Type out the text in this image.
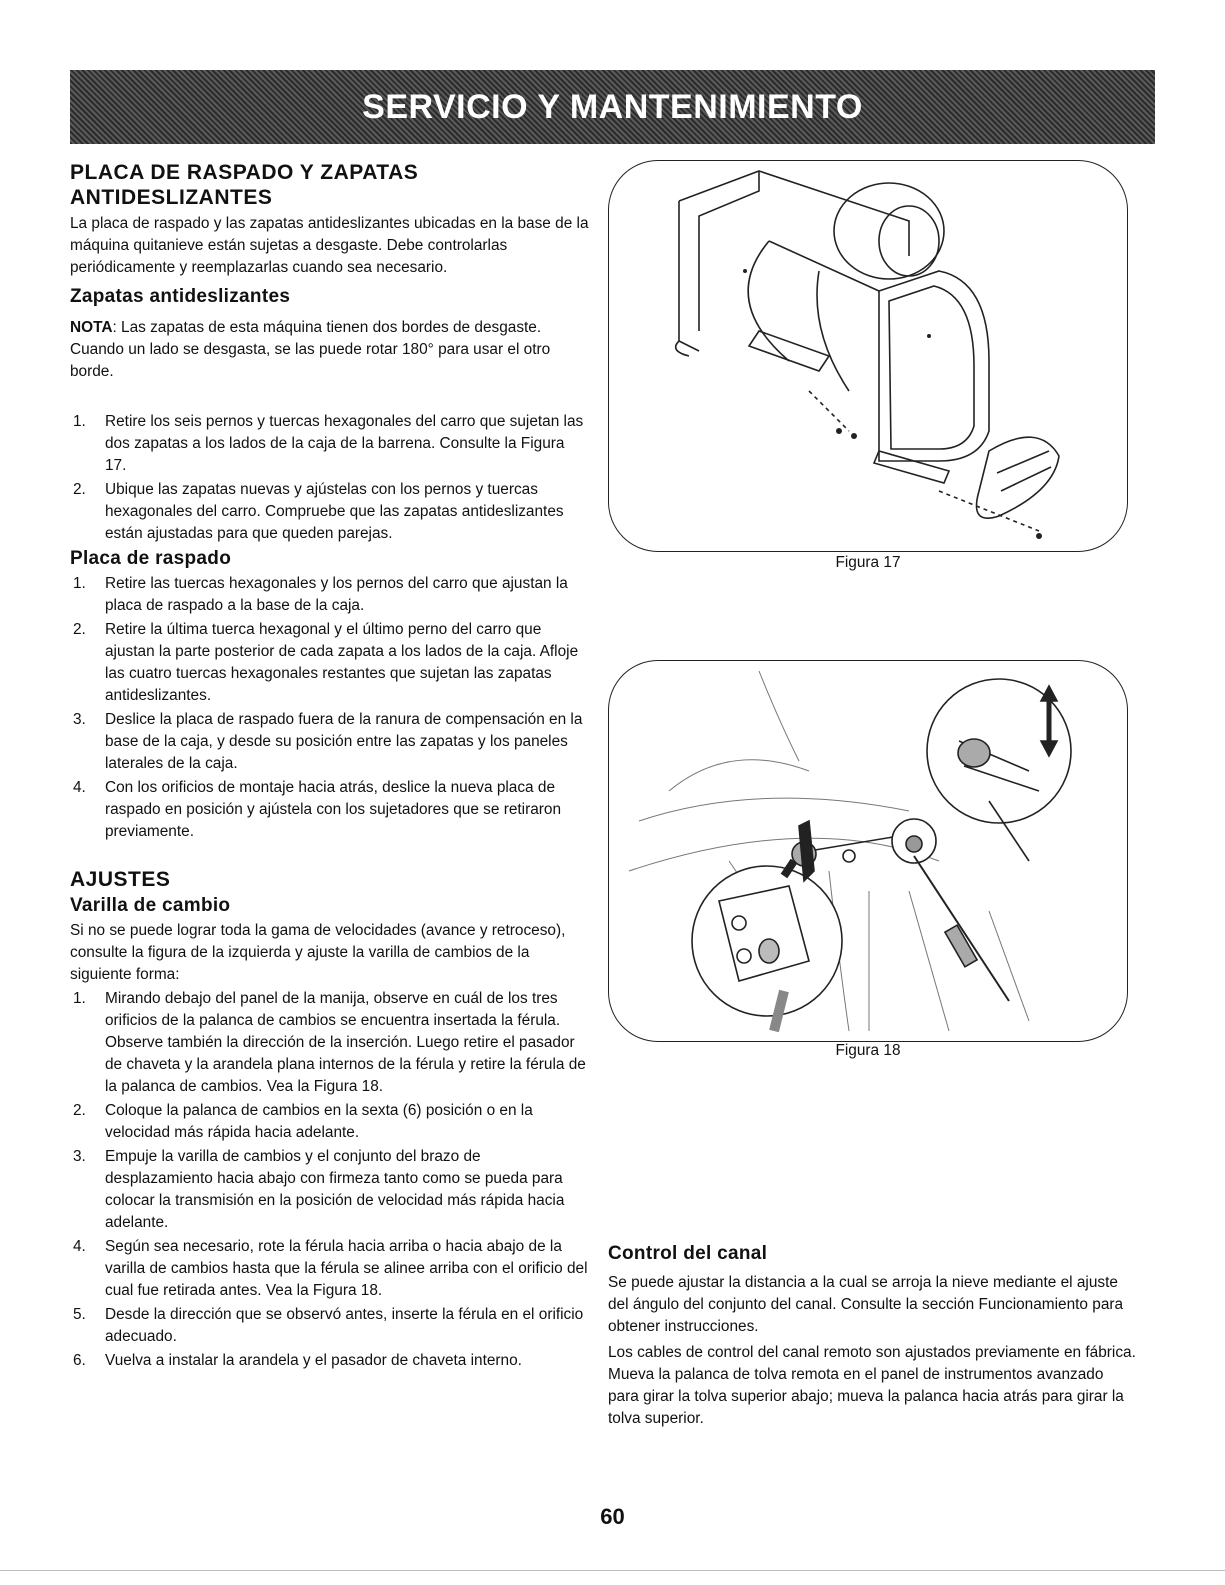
SERVICIO Y MANTENIMIENTO
PLACA DE RASPADO Y ZAPATAS
ANTIDESLIZANTES

La placa de raspado y las zapatas antideslizantes ubicadas en la base de la máquina quitanieve están sujetas a desgaste. Debe controlarlas periódicamente y reemplazarlas cuando sea necesario.

Zapatas antideslizantes

NOTA: Las zapatas de esta máquina tienen dos bordes de desgaste. Cuando un lado se desgasta, se las puede rotar 180° para usar el otro borde.

1. Retire los seis pernos y tuercas hexagonales del carro que sujetan las dos zapatas a los lados de la caja de la barrena. Consulte la Figura 17.
2. Ubique las zapatas nuevas y ajústelas con los pernos y tuercas hexagonales del carro. Compruebe que las zapatas antideslizantes están ajustadas para que queden parejas.
Placa de raspado
1. Retire las tuercas hexagonales y los pernos del carro que ajustan la placa de raspado a la base de la caja.
2. Retire la última tuerca hexagonal y el último perno del carro que ajustan la parte posterior de cada zapata a los lados de la caja. Afloje las cuatro tuercas hexagonales restantes que sujetan las zapatas antideslizantes.
3. Deslice la placa de raspado fuera de la ranura de compensación en la base de la caja, y desde su posición entre las zapatas y los paneles laterales de la caja.
4. Con los orificios de montaje hacia atrás, deslice la nueva placa de raspado en posición y ajústela con los sujetadores que se retiraron previamente.
AJUSTES
Varilla de cambio

Si no se puede lograr toda la gama de velocidades (avance y retroceso), consulte la figura de la izquierda y ajuste la varilla de cambios de la siguiente forma:

1. Mirando debajo del panel de la manija, observe en cuál de los tres orificios de la palanca de cambios se encuentra insertada la férula. Observe también la dirección de la inserción. Luego retire el pasador de chaveta y la arandela plana internos de la férula y retire la férula de la palanca de cambios. Vea la Figura 18.
2. Coloque la palanca de cambios en la sexta (6) posición o en la velocidad más rápida hacia adelante.
3. Empuje la varilla de cambios y el conjunto del brazo de desplazamiento hacia abajo con firmeza tanto como se pueda para colocar la transmisión en la posición de velocidad más rápida hacia adelante.
4. Según sea necesario, rote la férula hacia arriba o hacia abajo de la varilla de cambios hasta que la férula se alinee arriba con el orificio del cual fue retirada antes. Vea la Figura 18.
5. Desde la dirección que se observó antes, inserte la férula en el orificio adecuado.
6. Vuelva a instalar la arandela y el pasador de chaveta interno.
Figura 17
Figura 18
Control del canal

Se puede ajustar la distancia a la cual se arroja la nieve mediante el ajuste del ángulo del conjunto del canal. Consulte la sección Funcionamiento para obtener instrucciones.

Los cables de control del canal remoto son ajustados previamente en fábrica. Mueva la palanca de tolva remota en el panel de instrumentos avanzado para girar la tolva superior abajo; mueva la palanca hacia atrás para girar la tolva superior.

60
